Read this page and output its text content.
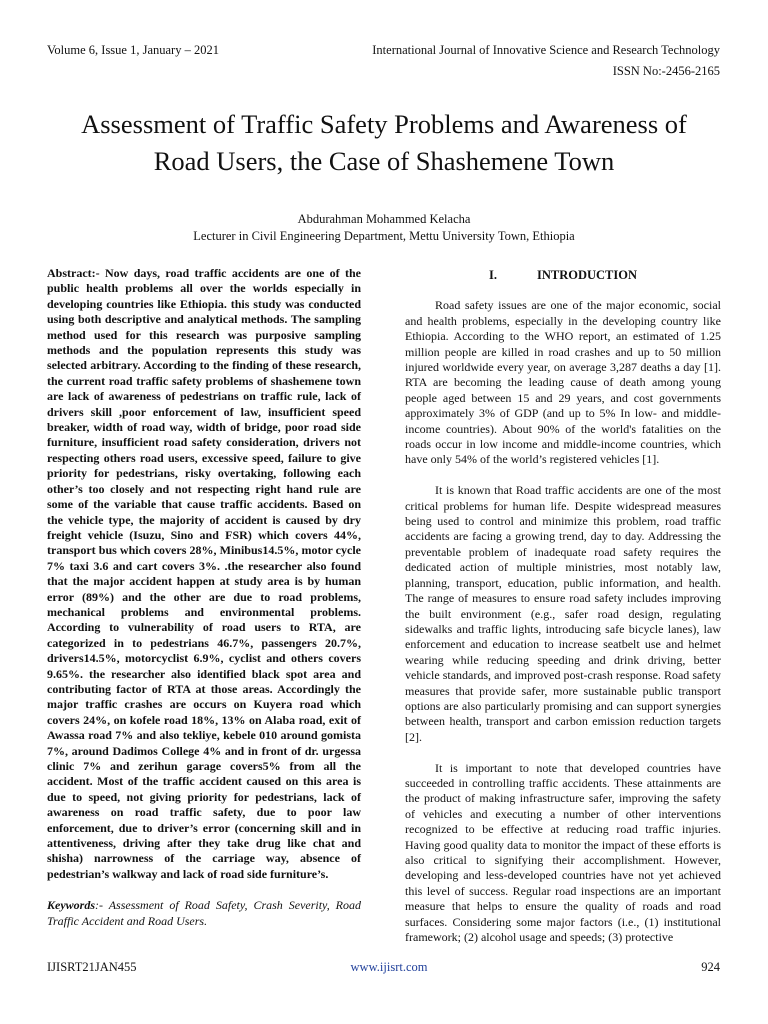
Volume 6, Issue 1, January – 2021	International Journal of Innovative Science and Research Technology
ISSN No:-2456-2165
Assessment of Traffic Safety Problems and Awareness of Road Users, the Case of Shashemene Town
Abdurahman Mohammed Kelacha
Lecturer in Civil Engineering Department, Mettu University Town, Ethiopia

Abstract:- Now days, road traffic accidents are one of the public health problems all over the worlds especially in developing countries like Ethiopia. this study was conducted using both descriptive and analytical methods. The sampling method used for this research was purposive sampling methods and the population represents this study was selected arbitrary. According to the finding of these research, the current road traffic safety problems of shashemene town are lack of awareness of pedestrians on traffic rule, lack of drivers skill ,poor enforcement of law, insufficient speed breaker, width of road way, width of bridge, poor road side furniture, insufficient road safety consideration, drivers not respecting others road users, excessive speed, failure to give priority for pedestrians, risky overtaking, following each other’s too closely and not respecting right hand rule are some of the variable that cause traffic accidents. Based on the vehicle type, the majority of accident is caused by dry freight vehicle (Isuzu, Sino and FSR) which covers 44%, transport bus which covers 28%, Minibus14.5%, motor cycle 7% taxi 3.6 and cart covers 3%. .the researcher also found that the major accident happen at study area is by human error (89%) and the other are due to road problems, mechanical problems and environmental problems. According to vulnerability of road users to RTA, are categorized in to pedestrians 46.7%, passengers 20.7%, drivers14.5%, motorcyclist 6.9%, cyclist and others covers 9.65%. the researcher also identified black spot area and contributing factor of RTA at those areas. Accordingly the major traffic crashes are occurs on Kuyera road which covers 24%, on kofele road 18%, 13% on Alaba road, exit of Awassa road 7% and also tekliye, kebele 010 around gomista 7%, around Dadimos College 4% and in front of dr. urgessa clinic 7% and zerihun garage covers5% from all the accident. Most of the traffic accident caused on this area is due to speed, not giving priority for pedestrians, lack of awareness on road traffic safety, due to poor law enforcement, due to driver’s error (concerning skill and in attentiveness, driving after they take drug like chat and shisha) narrowness of the carriage way, absence of pedestrian’s walkway and lack of road side furniture’s.

Keywords:- Assessment of Road Safety, Crash Severity, Road Traffic Accident and Road Users.

I.	INTRODUCTION

Road safety issues are one of the major economic, social and health problems, especially in the developing country like Ethiopia. According to the WHO report, an estimated of 1.25 million people are killed in road crashes and up to 50 million injured worldwide every year, on average 3,287 deaths a day [1]. RTA are becoming the leading cause of death among young people aged between 15 and 29 years, and cost governments approximately 3% of GDP (and up to 5% In low- and middle-income countries). About 90% of the world's fatalities on the roads occur in low income and middle-income countries, which have only 54% of the world’s registered vehicles [1].

It is known that Road traffic accidents are one of the most critical problems for human life. Despite widespread measures being used to control and minimize this problem, road traffic accidents are facing a growing trend, day to day. Addressing the preventable problem of inadequate road safety requires the dedicated action of multiple ministries, most notably law, planning, transport, education, public information, and health. The range of measures to ensure road safety includes improving the built environment (e.g., safer road design, regulating sidewalks and traffic lights, introducing safe bicycle lanes), law enforcement and education to increase seatbelt use and helmet wearing while reducing speeding and drink driving, better vehicle standards, and improved post-crash response. Road safety measures that provide safer, more sustainable public transport options are also particularly promising and can support synergies between health, transport and carbon emission reduction targets [2].

It is important to note that developed countries have succeeded in controlling traffic accidents. These attainments are the product of making infrastructure safer, improving the safety of vehicles and executing a number of other interventions recognized to be effective at reducing road traffic injuries. Having good quality data to monitor the impact of these efforts is also critical to signifying their accomplishment. However, developing and less-developed countries have not yet achieved this level of success. Regular road inspections are an important measure that helps to ensure the quality of roads and road surfaces. Considering some major factors (i.e., (1) institutional framework; (2) alcohol usage and speeds; (3) protective

IJISRT21JAN455	www.ijisrt.com	924
